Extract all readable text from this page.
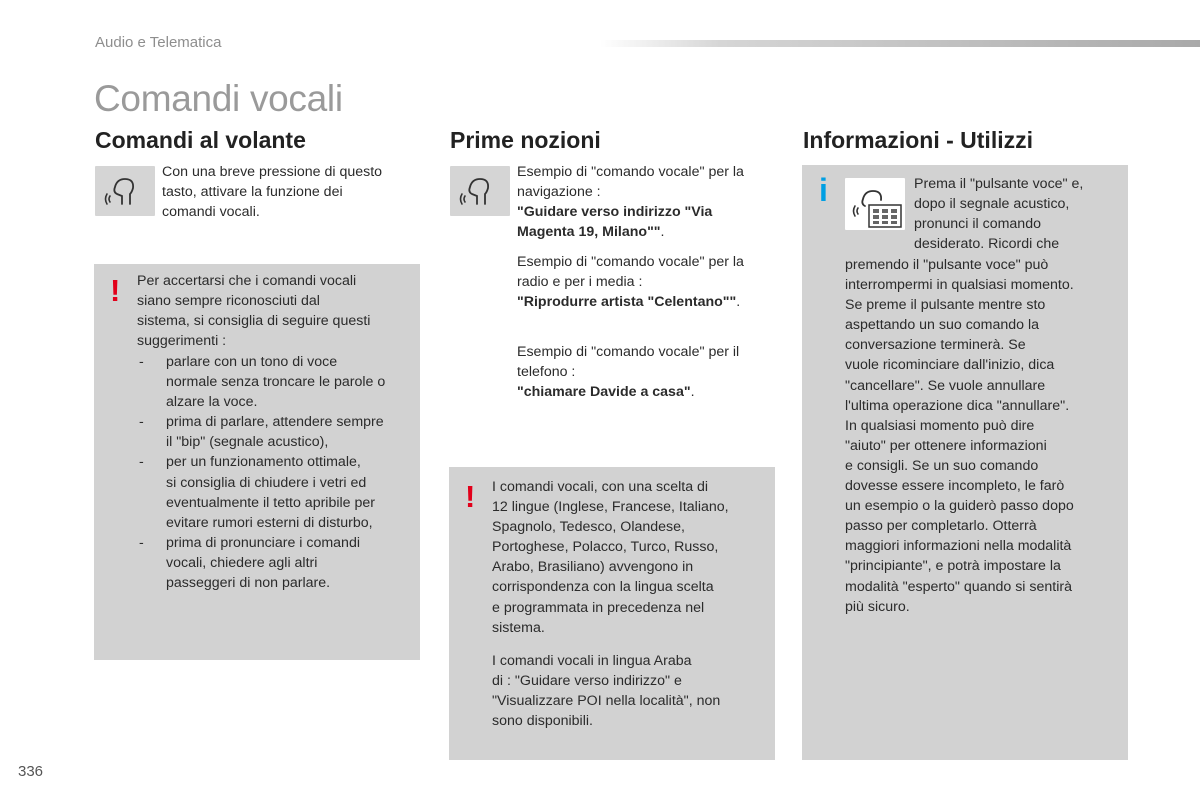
Audio e Telematica
Comandi vocali
Comandi al volante

Con una breve pressione di questo
tasto, attivare la funzione dei
comandi vocali.

! Per accertarsi che i comandi vocali
siano sempre riconosciuti dal
sistema, si consiglia di seguire questi
suggerimenti :

- parlare con un tono di voce
normale senza troncare le parole o
alzare la voce.
- prima di parlare, attendere sempre
il "bip" (segnale acustico),
- per un funzionamento ottimale,
si consiglia di chiudere i vetri ed
eventualmente il tetto apribile per
evitare rumori esterni di disturbo,
- prima di pronunciare i comandi
vocali, chiedere agli altri
passeggeri di non parlare.
Prime nozioni

Esempio di "comando vocale" per la
navigazione :
"Guidare verso indirizzo "Via
Magenta 19, Milano"".

Esempio di "comando vocale" per la
radio e per i media :
"Riprodurre artista "Celentano"".

Esempio di "comando vocale" per il
telefono :
"chiamare Davide a casa".

! I comandi vocali, con una scelta di
12 lingue (Inglese, Francese, Italiano,
Spagnolo, Tedesco, Olandese,
Portoghese, Polacco, Turco, Russo,
Arabo, Brasiliano) avvengono in
corrispondenza con la lingua scelta
e programmata in precedenza nel
sistema.

I comandi vocali in lingua Araba
di : "Guidare verso indirizzo" e
"Visualizzare POI nella località", non
sono disponibili.

Informazioni - Utilizzi
i	Prema il "pulsante voce" e,
dopo il segnale acustico,
pronunci il comando
desiderato. Ricordi che

premendo il "pulsante voce" può
interrompermi in qualsiasi momento.
Se preme il pulsante mentre sto
aspettando un suo comando la
conversazione terminerà. Se
vuole ricominciare dall'inizio, dica
"cancellare". Se vuole annullare
l'ultima operazione dica "annullare".
In qualsiasi momento può dire
"aiuto" per ottenere informazioni
e consigli. Se un suo comando
dovesse essere incompleto, le farò
un esempio o la guiderò passo dopo
passo per completarlo. Otterrà
maggiori informazioni nella modalità
"principiante", e potrà impostare la
modalità "esperto" quando si sentirà
più sicuro.

336
